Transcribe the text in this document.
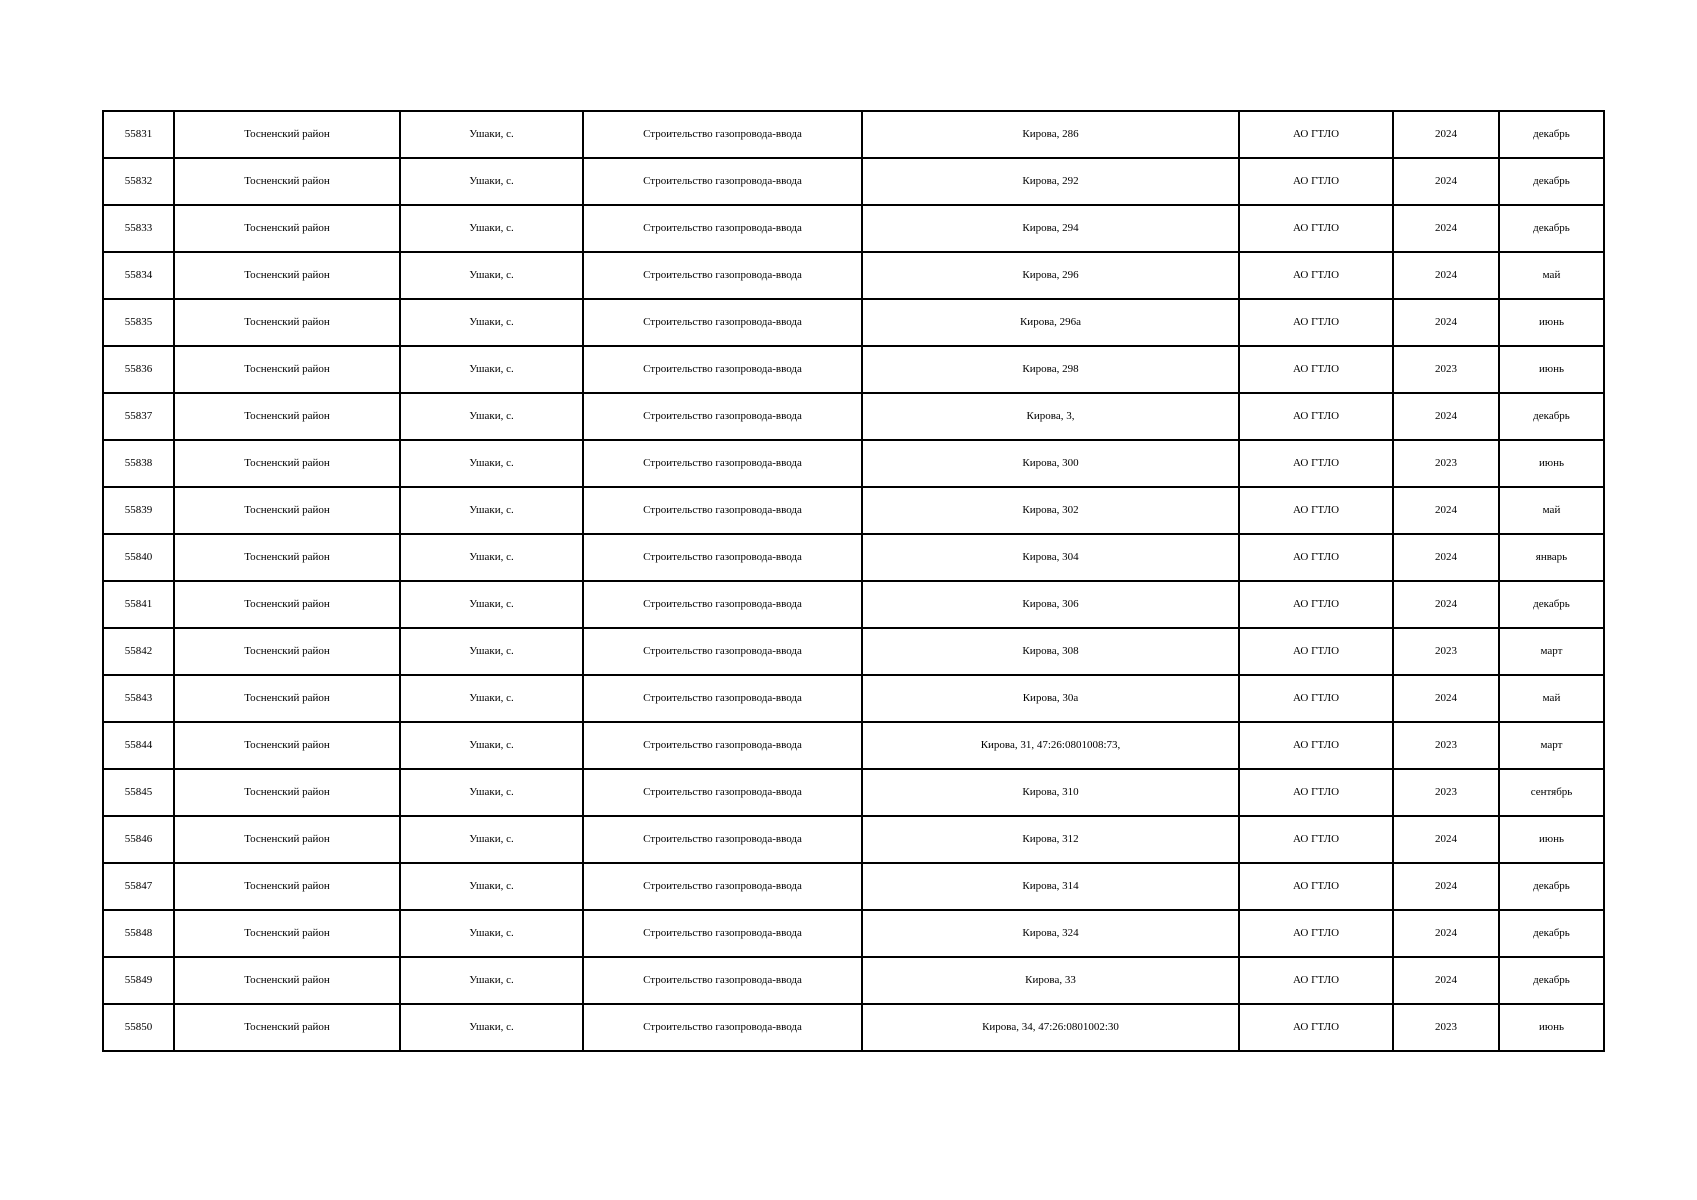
55831	Тосненский район	Ушаки, с.	Строительство газопровода-ввода	Кирова, 286	АО ГТЛО	2024	декабрь
55832	Тосненский район	Ушаки, с.	Строительство газопровода-ввода	Кирова, 292	АО ГТЛО	2024	декабрь
55833	Тосненский район	Ушаки, с.	Строительство газопровода-ввода	Кирова, 294	АО ГТЛО	2024	декабрь
55834	Тосненский район	Ушаки, с.	Строительство газопровода-ввода	Кирова, 296	АО ГТЛО	2024	май
55835	Тосненский район	Ушаки, с.	Строительство газопровода-ввода	Кирова, 296а	АО ГТЛО	2024	июнь
55836	Тосненский район	Ушаки, с.	Строительство газопровода-ввода	Кирова, 298	АО ГТЛО	2023	июнь
55837	Тосненский район	Ушаки, с.	Строительство газопровода-ввода	Кирова, 3,	АО ГТЛО	2024	декабрь
55838	Тосненский район	Ушаки, с.	Строительство газопровода-ввода	Кирова, 300	АО ГТЛО	2023	июнь
55839	Тосненский район	Ушаки, с.	Строительство газопровода-ввода	Кирова, 302	АО ГТЛО	2024	май
55840	Тосненский район	Ушаки, с.	Строительство газопровода-ввода	Кирова, 304	АО ГТЛО	2024	январь
55841	Тосненский район	Ушаки, с.	Строительство газопровода-ввода	Кирова, 306	АО ГТЛО	2024	декабрь
55842	Тосненский район	Ушаки, с.	Строительство газопровода-ввода	Кирова, 308	АО ГТЛО	2023	март
55843	Тосненский район	Ушаки, с.	Строительство газопровода-ввода	Кирова, 30а	АО ГТЛО	2024	май
55844	Тосненский район	Ушаки, с.	Строительство газопровода-ввода	Кирова, 31, 47:26:0801008:73,	АО ГТЛО	2023	март
55845	Тосненский район	Ушаки, с.	Строительство газопровода-ввода	Кирова, 310	АО ГТЛО	2023	сентябрь
55846	Тосненский район	Ушаки, с.	Строительство газопровода-ввода	Кирова, 312	АО ГТЛО	2024	июнь
55847	Тосненский район	Ушаки, с.	Строительство газопровода-ввода	Кирова, 314	АО ГТЛО	2024	декабрь
55848	Тосненский район	Ушаки, с.	Строительство газопровода-ввода	Кирова, 324	АО ГТЛО	2024	декабрь
55849	Тосненский район	Ушаки, с.	Строительство газопровода-ввода	Кирова, 33	АО ГТЛО	2024	декабрь
55850	Тосненский район	Ушаки, с.	Строительство газопровода-ввода	Кирова, 34, 47:26:0801002:30	АО ГТЛО	2023	июнь
